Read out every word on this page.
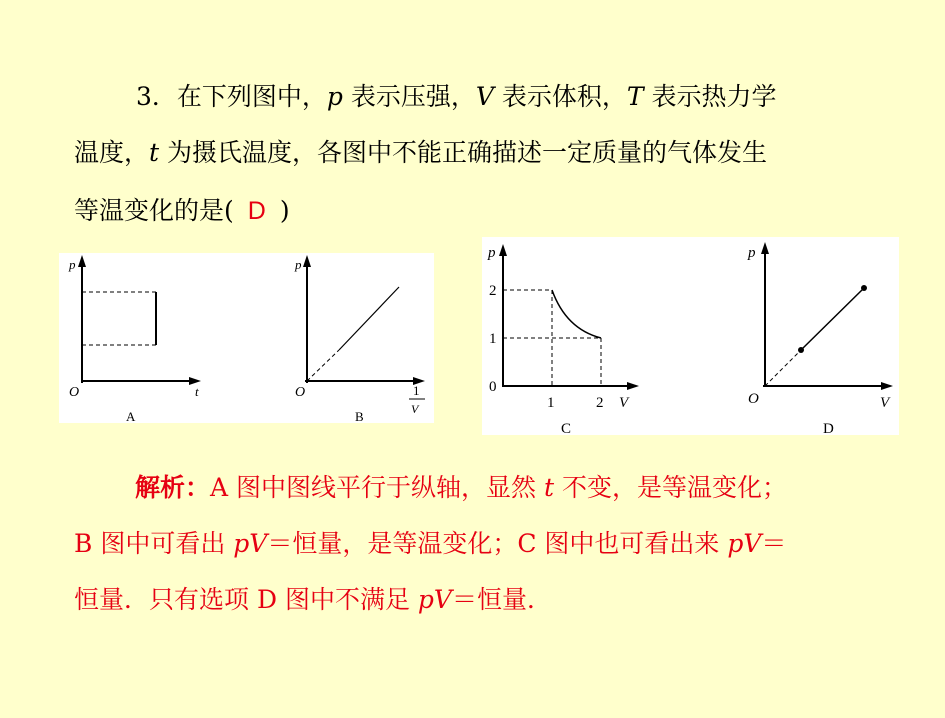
3．在下列图中，p 表示压强，V 表示体积，T 表示热力学
温度，t 为摄氏温度，各图中不能正确描述一定质量的气体发生
等温变化的是( D )
p
O	t
A
p
O	1
V
B
p
2
1
0
1	2 V
C
p
O	V
D
解析：A 图中图线平行于纵轴，显然 t 不变，是等温变化；
B 图中可看出 pV＝恒量，是等温变化；C 图中也可看出来 pV＝
恒量．只有选项 D 图中不满足 pV＝恒量．
